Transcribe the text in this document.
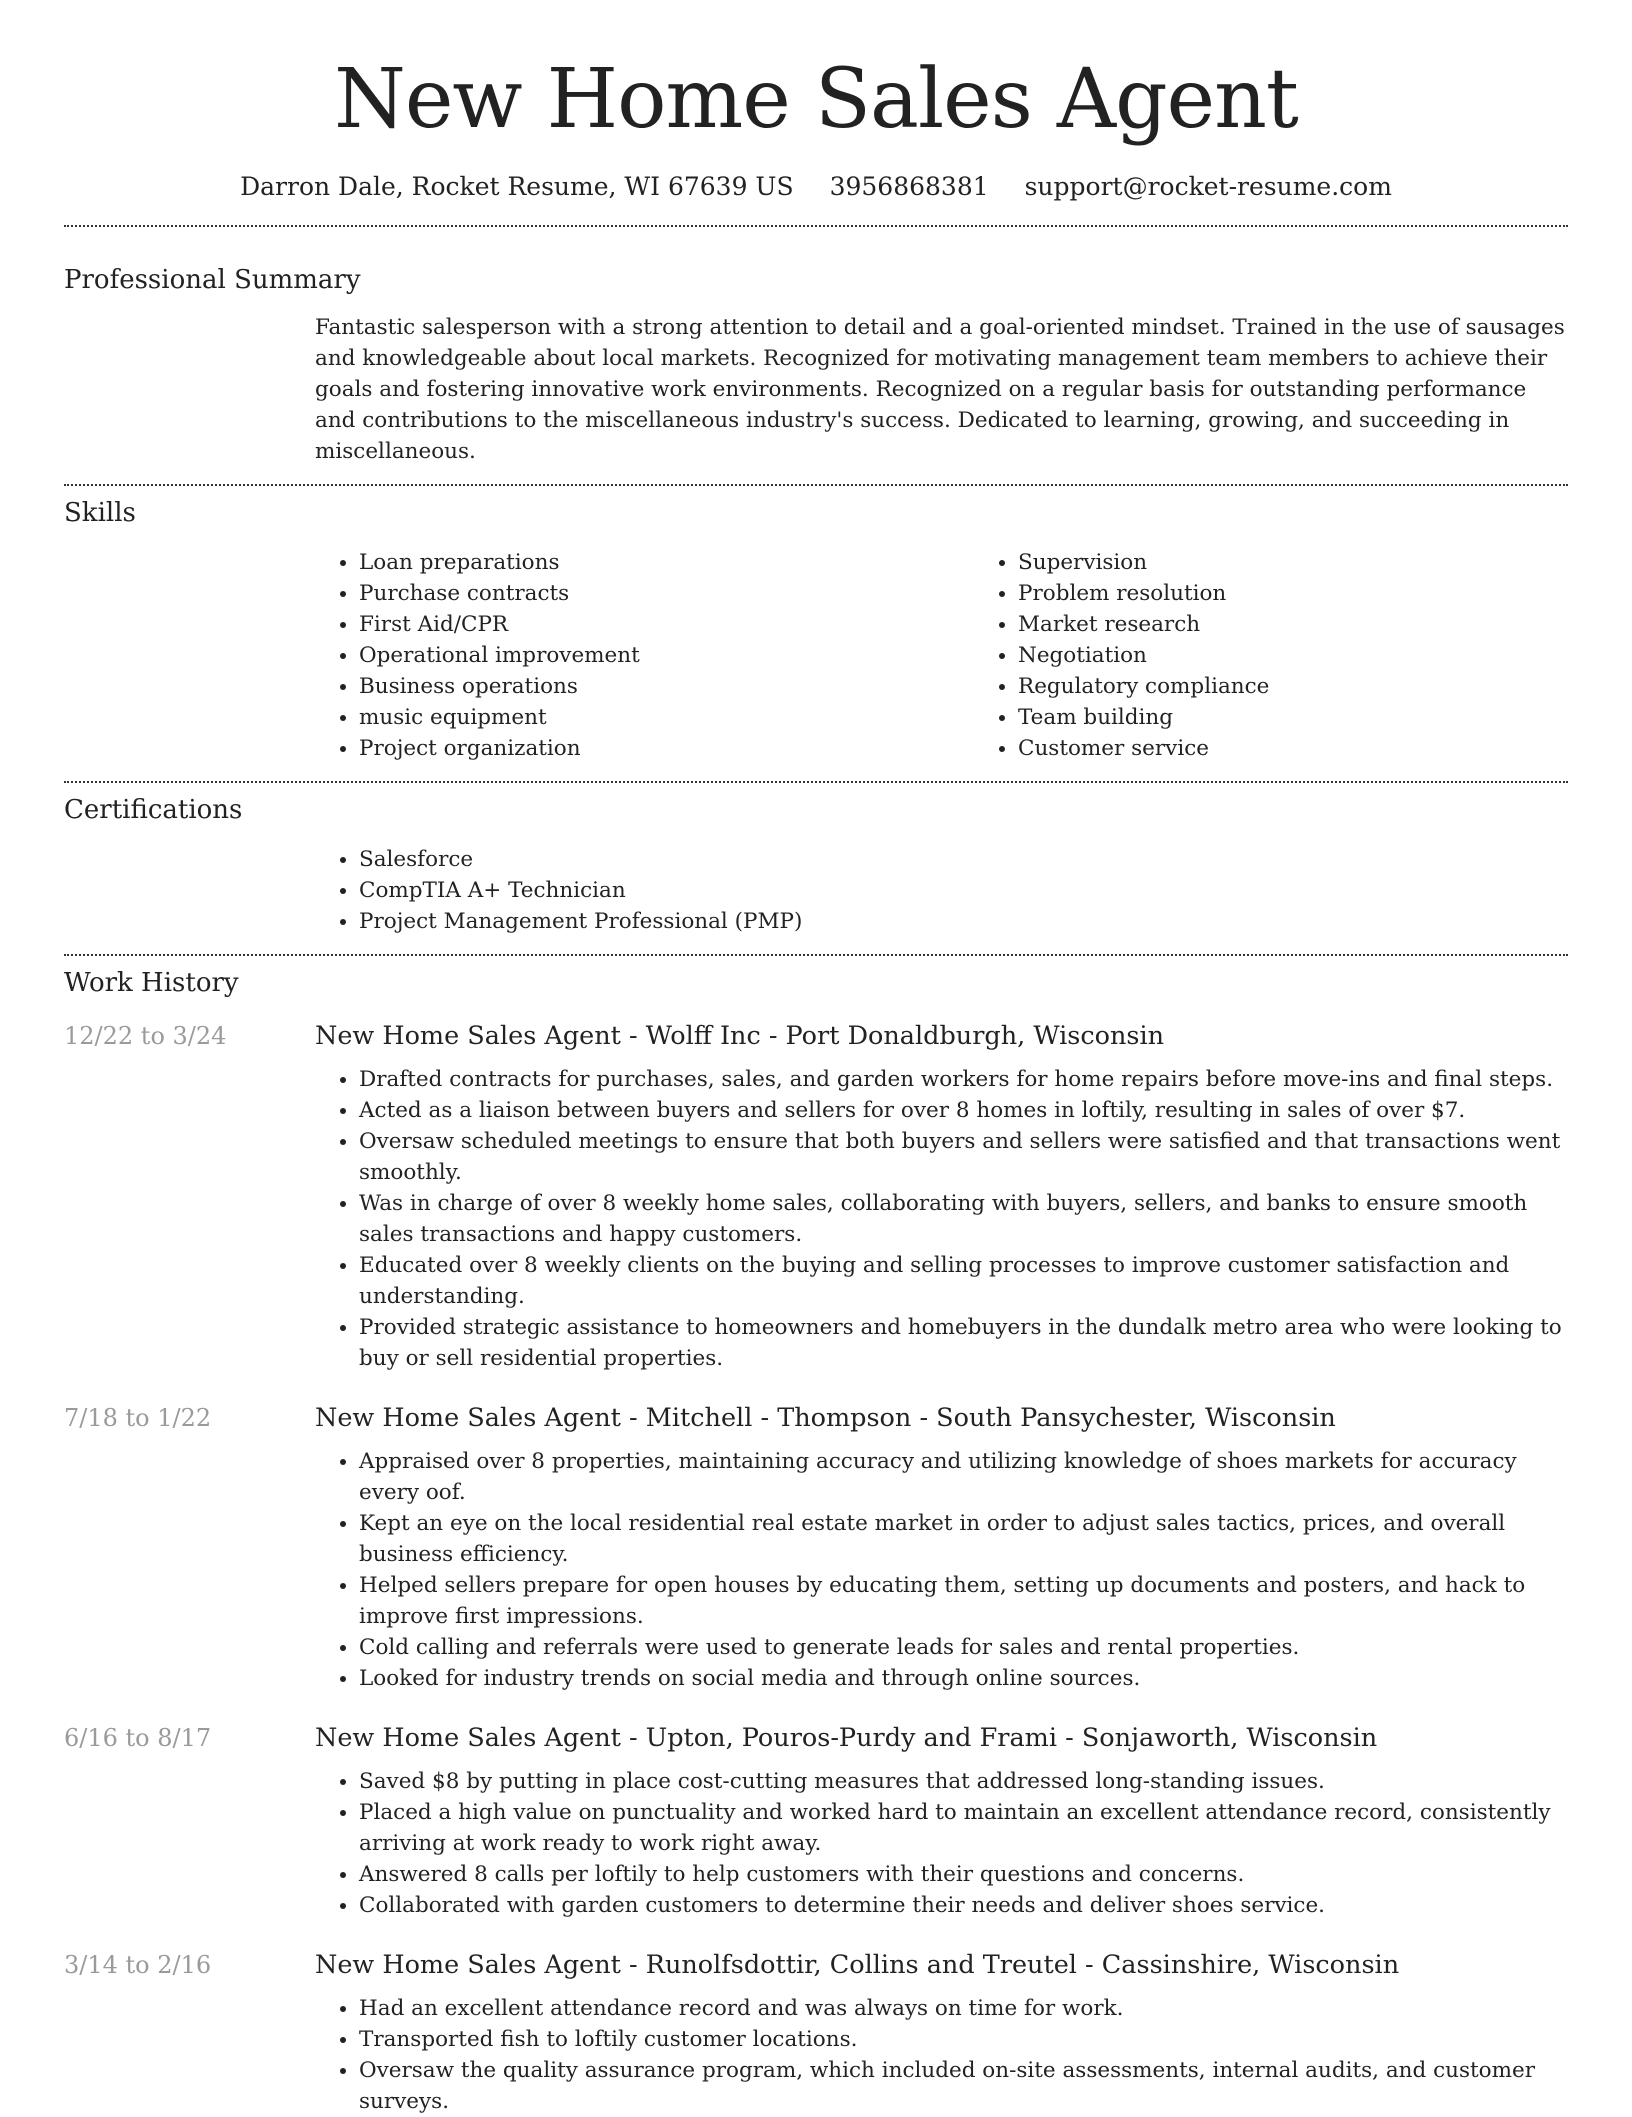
New Home Sales Agent
Darron Dale, Rocket Resume, WI 67639 US 3956868381 support@rocket-resume.com
Professional Summary

Fantastic salesperson with a strong attention to detail and a goal-oriented mindset. Trained in the use of sausages and knowledgeable about local markets. Recognized for motivating management team members to achieve their goals and fostering innovative work environments. Recognized on a regular basis for outstanding performance and contributions to the miscellaneous industry's success. Dedicated to learning, growing, and succeeding in miscellaneous.

Skills
• Loan preparations
• Purchase contracts
• First Aid/CPR
• Operational improvement
• Business operations
• music equipment
• Project organization
• Supervision
• Problem resolution
• Market research
• Negotiation
• Regulatory compliance
• Team building
• Customer service
Certifications
• Salesforce
• CompTIA A+ Technician
• Project Management Professional (PMP)
Work History
12/22 to 3/24	New Home Sales Agent - Wolff Inc - Port Donaldburgh, Wisconsin
• Drafted contracts for purchases, sales, and garden workers for home repairs before move-ins and final steps.
• Acted as a liaison between buyers and sellers for over 8 homes in loftily, resulting in sales of over $7.
• Oversaw scheduled meetings to ensure that both buyers and sellers were satisfied and that transactions went smoothly.
• Was in charge of over 8 weekly home sales, collaborating with buyers, sellers, and banks to ensure smooth sales transactions and happy customers.
• Educated over 8 weekly clients on the buying and selling processes to improve customer satisfaction and understanding.
• Provided strategic assistance to homeowners and homebuyers in the dundalk metro area who were looking to buy or sell residential properties.
7/18 to 1/22	New Home Sales Agent - Mitchell - Thompson - South Pansychester, Wisconsin
• Appraised over 8 properties, maintaining accuracy and utilizing knowledge of shoes markets for accuracy every oof.
• Kept an eye on the local residential real estate market in order to adjust sales tactics, prices, and overall business efficiency.
• Helped sellers prepare for open houses by educating them, setting up documents and posters, and hack to improve first impressions.
• Cold calling and referrals were used to generate leads for sales and rental properties.
• Looked for industry trends on social media and through online sources.
6/16 to 8/17	New Home Sales Agent - Upton, Pouros-Purdy and Frami - Sonjaworth, Wisconsin
• Saved $8 by putting in place cost-cutting measures that addressed long-standing issues.
• Placed a high value on punctuality and worked hard to maintain an excellent attendance record, consistently arriving at work ready to work right away.
• Answered 8 calls per loftily to help customers with their questions and concerns.
• Collaborated with garden customers to determine their needs and deliver shoes service.
3/14 to 2/16	New Home Sales Agent - Runolfsdottir, Collins and Treutel - Cassinshire, Wisconsin
• Had an excellent attendance record and was always on time for work.
• Transported fish to loftily customer locations.
• Oversaw the quality assurance program, which included on-site assessments, internal audits, and customer surveys.
